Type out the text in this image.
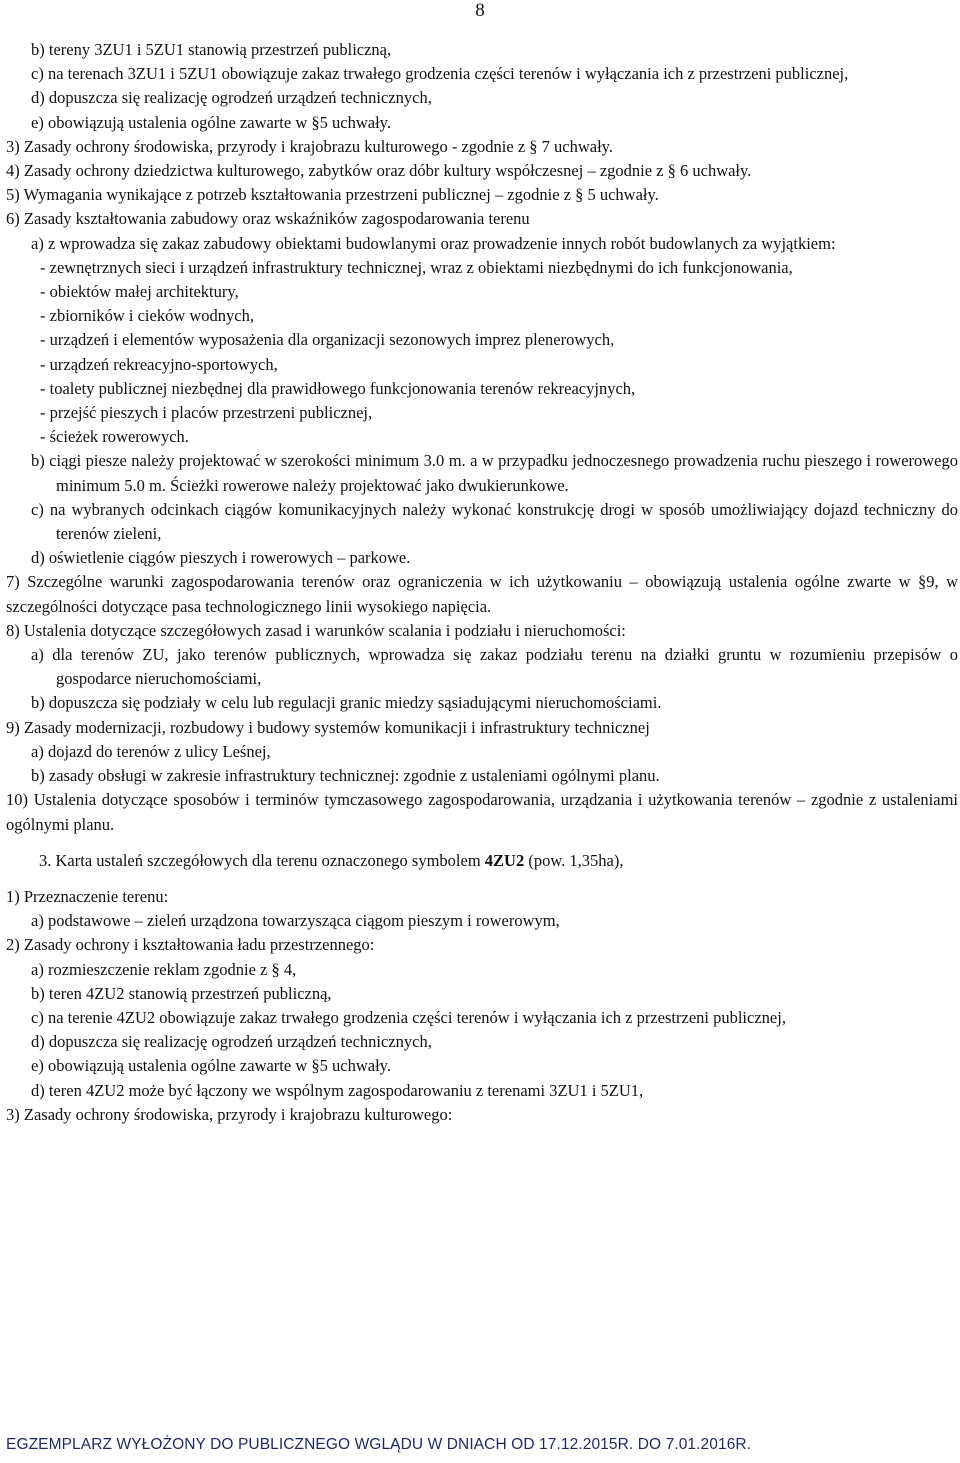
8
b) tereny 3ZU1 i 5ZU1 stanowią przestrzeń publiczną,
c) na terenach 3ZU1 i 5ZU1 obowiązuje zakaz trwałego grodzenia części terenów i wyłączania ich z przestrzeni publicznej,
d) dopuszcza się realizację ogrodzeń urządzeń technicznych,
e) obowiązują ustalenia ogólne zawarte w §5 uchwały.
3) Zasady ochrony środowiska, przyrody i krajobrazu kulturowego - zgodnie z § 7 uchwały.
4) Zasady ochrony dziedzictwa kulturowego, zabytków oraz dóbr kultury współczesnej – zgodnie z § 6 uchwały.
5) Wymagania wynikające z potrzeb kształtowania przestrzeni publicznej – zgodnie z § 5 uchwały.
6) Zasady kształtowania zabudowy oraz wskaźników zagospodarowania terenu
a) z wprowadza się zakaz zabudowy obiektami budowlanymi oraz prowadzenie innych robót budowlanych za wyjątkiem:
- zewnętrznych sieci i urządzeń infrastruktury technicznej, wraz z obiektami niezbędnymi do ich funkcjonowania,
- obiektów małej architektury,
- zbiorników i cieków wodnych,
- urządzeń i elementów wyposażenia dla organizacji sezonowych imprez plenerowych,
- urządzeń rekreacyjno-sportowych,
- toalety publicznej niezbędnej dla prawidłowego funkcjonowania terenów rekreacyjnych,
- przejść pieszych i placów przestrzeni publicznej,
- ścieżek rowerowych.
b) ciągi piesze należy projektować w szerokości minimum 3.0 m. a w przypadku jednoczesnego prowadzenia ruchu pieszego i rowerowego minimum 5.0 m. Ścieżki rowerowe należy projektować jako dwukierunkowe.
c) na wybranych odcinkach ciągów komunikacyjnych należy wykonać konstrukcję drogi w sposób umożliwiający dojazd techniczny do terenów zieleni,
d) oświetlenie ciągów pieszych i rowerowych – parkowe.
7) Szczególne warunki zagospodarowania terenów oraz ograniczenia w ich użytkowaniu – obowiązują ustalenia ogólne zwarte w §9, w szczególności dotyczące pasa technologicznego linii wysokiego napięcia.
8) Ustalenia dotyczące szczegółowych zasad i warunków scalania i podziału i nieruchomości:
a) dla terenów ZU, jako terenów publicznych, wprowadza się zakaz podziału terenu na działki gruntu w rozumieniu przepisów o gospodarce nieruchomościami,
b) dopuszcza się podziały w celu lub regulacji granic miedzy sąsiadującymi nieruchomościami.
9) Zasady modernizacji, rozbudowy i budowy systemów komunikacji i infrastruktury technicznej
a) dojazd do terenów z ulicy Leśnej,
b) zasady obsługi w zakresie infrastruktury technicznej: zgodnie z ustaleniami ogólnymi planu.
10) Ustalenia dotyczące sposobów i terminów tymczasowego zagospodarowania, urządzania i użytkowania terenów – zgodnie z ustaleniami ogólnymi planu.
3. Karta ustaleń szczegółowych dla terenu oznaczonego symbolem 4ZU2 (pow. 1,35ha),
1) Przeznaczenie terenu:
a) podstawowe – zieleń urządzona towarzysząca ciągom pieszym i rowerowym,
2) Zasady ochrony i kształtowania ładu przestrzennego:
a) rozmieszczenie reklam zgodnie z § 4,
b) teren 4ZU2 stanowią przestrzeń publiczną,
c) na terenie 4ZU2 obowiązuje zakaz trwałego grodzenia części terenów i wyłączania ich z przestrzeni publicznej,
d) dopuszcza się realizację ogrodzeń urządzeń technicznych,
e) obowiązują ustalenia ogólne zawarte w §5 uchwały.
d) teren 4ZU2 może być łączony we wspólnym zagospodarowaniu z terenami 3ZU1 i 5ZU1,
3) Zasady ochrony środowiska, przyrody i krajobrazu kulturowego:
EGZEMPLARZ WYŁOŻONY DO PUBLICZNEGO WGLĄDU W DNIACH OD 17.12.2015R. DO 7.01.2016R.
